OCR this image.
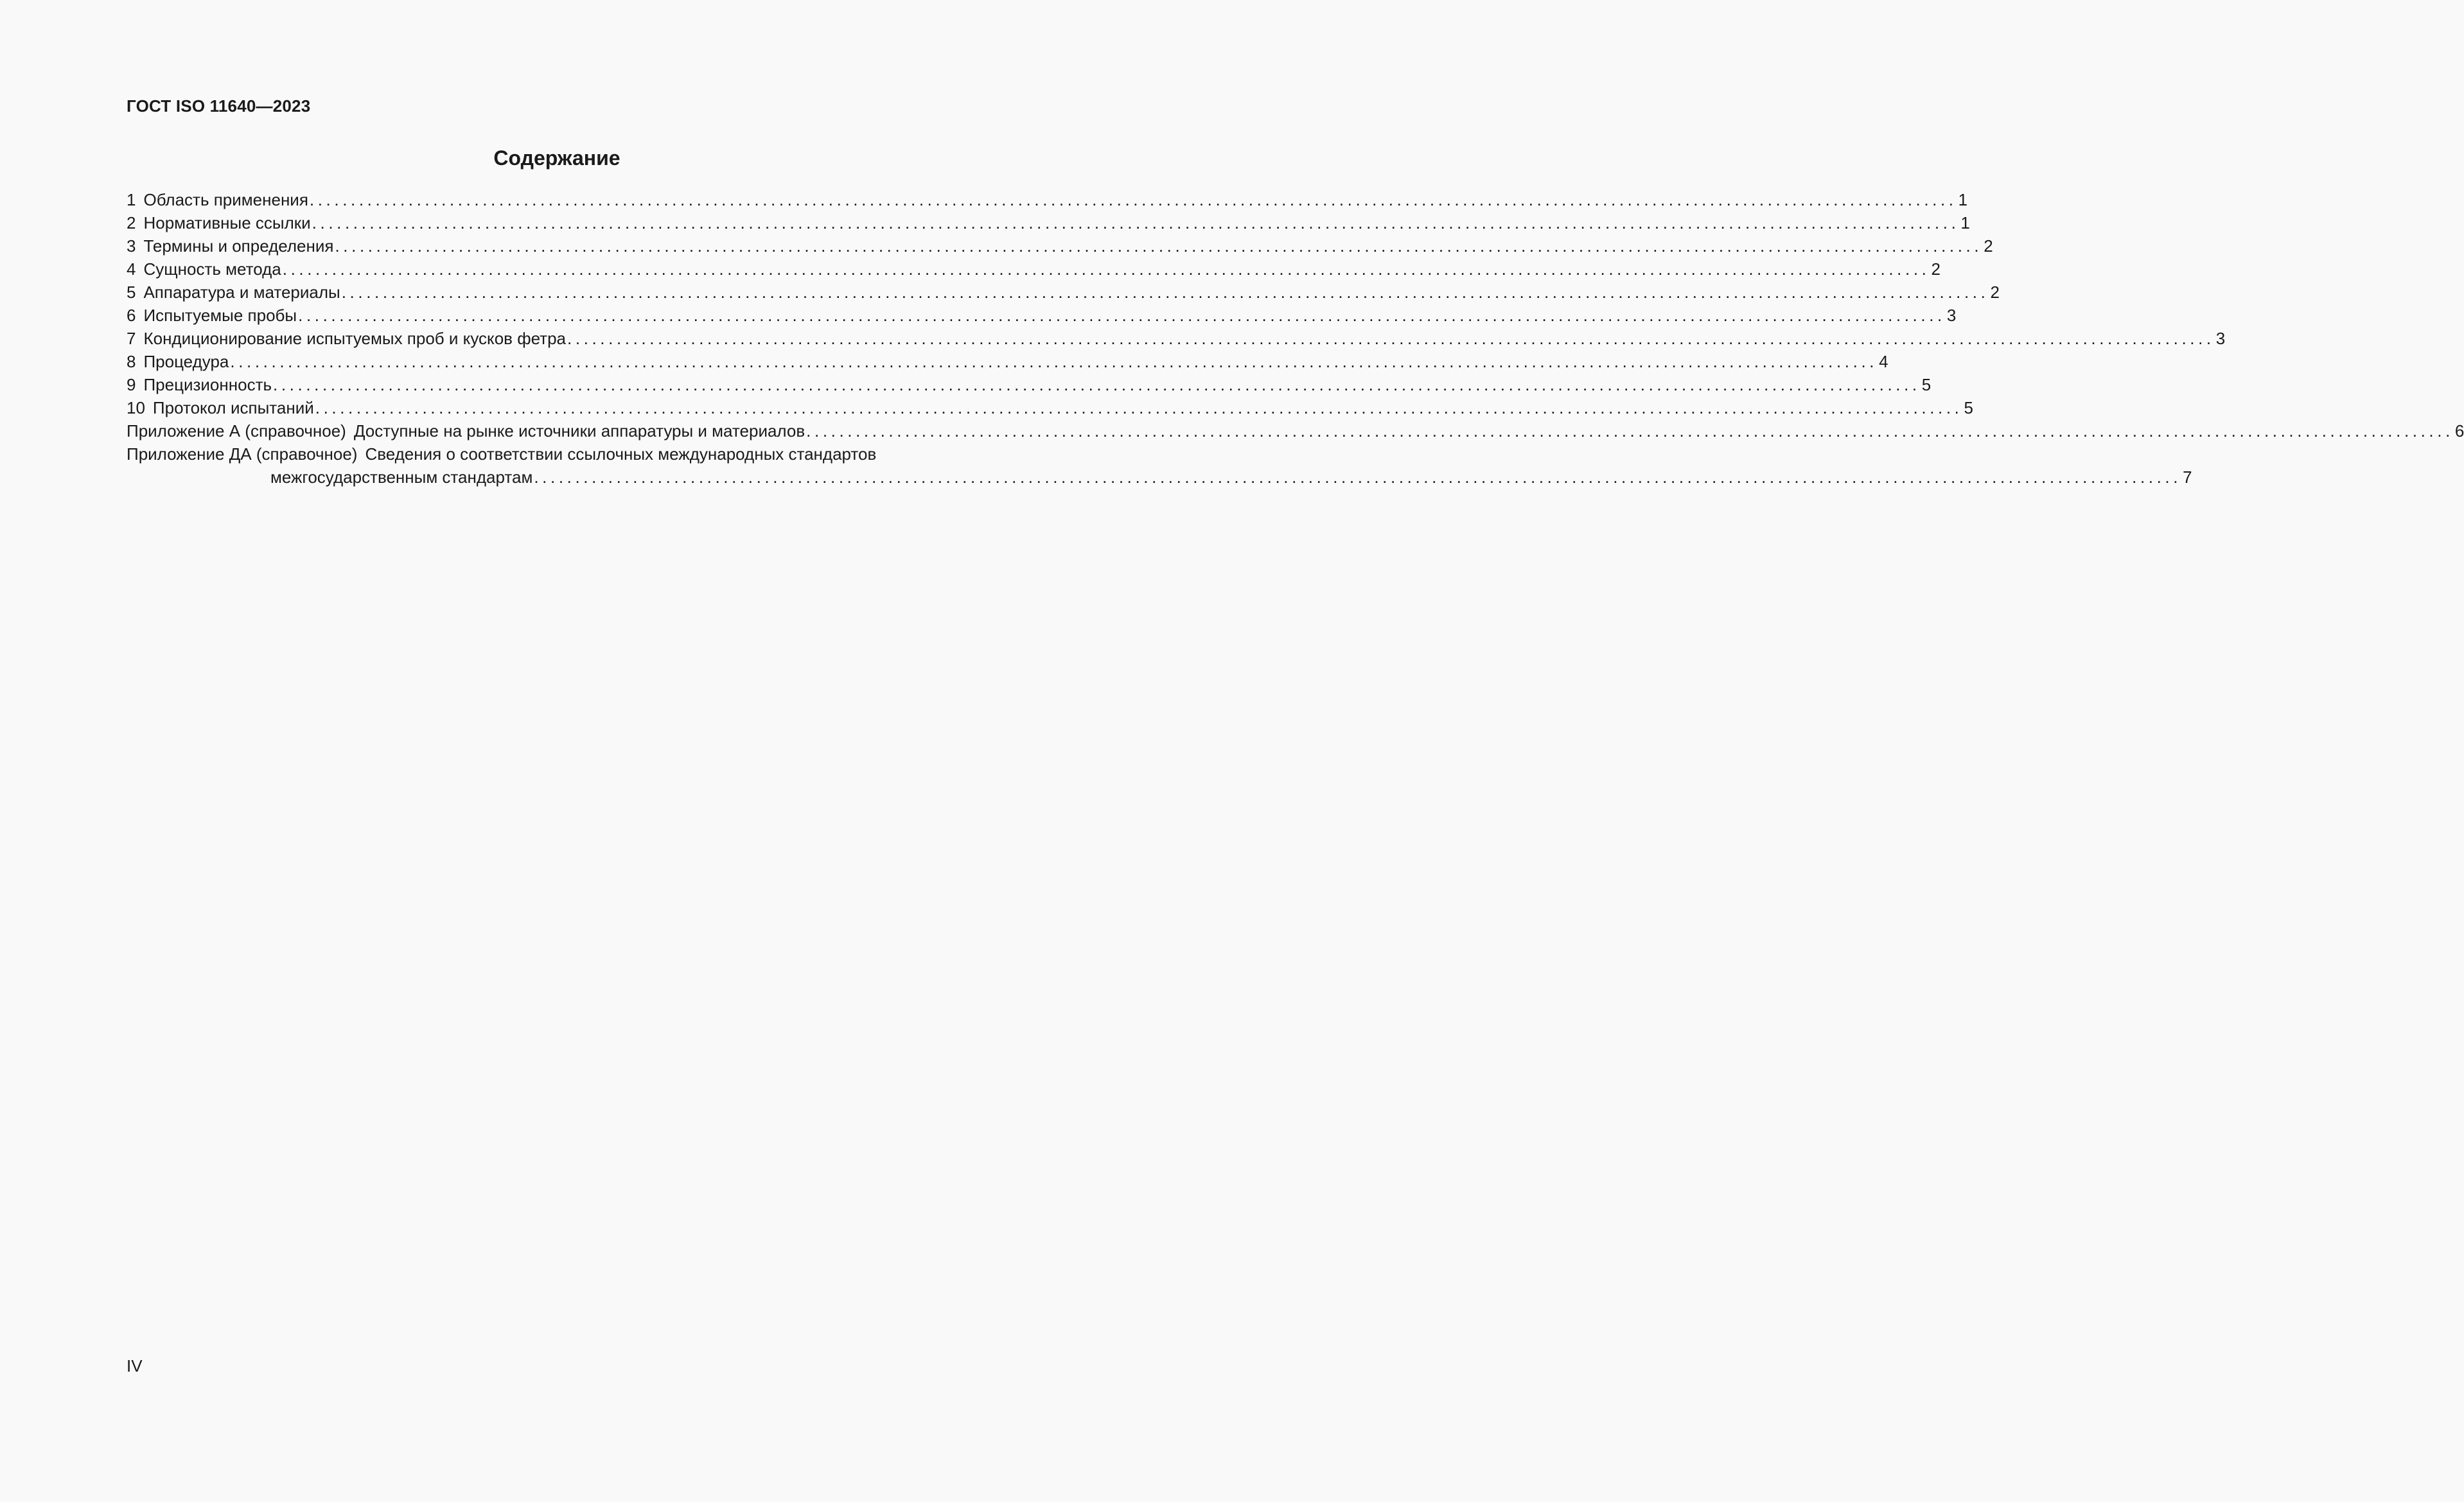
ГОСТ ISO 11640—2023
Содержание
1 Область применения ........................................................................................................................................................................................................ 1
2 Нормативные ссылки ........................................................................................................................................................................................................ 1
3 Термины и определения ........................................................................................................................................................................................................ 2
4 Сущность метода ........................................................................................................................................................................................................ 2
5 Аппаратура и материалы ........................................................................................................................................................................................................ 2
6 Испытуемые пробы ........................................................................................................................................................................................................ 3
7 Кондиционирование испытуемых проб и кусков фетра ........................................................................................................................................................................................................ 3
8 Процедура ........................................................................................................................................................................................................ 4
9 Прецизионность ........................................................................................................................................................................................................ 5
10 Протокол испытаний ........................................................................................................................................................................................................ 5
Приложение А (справочное) Доступные на рынке источники аппаратуры и материалов ........................................................................................................................................................................................................ 6
Приложение ДА (справочное) Сведения о соответствии ссылочных международных стандартов
межгосударственным стандартам ........................................................................................................................................................................................................ 7
IV
